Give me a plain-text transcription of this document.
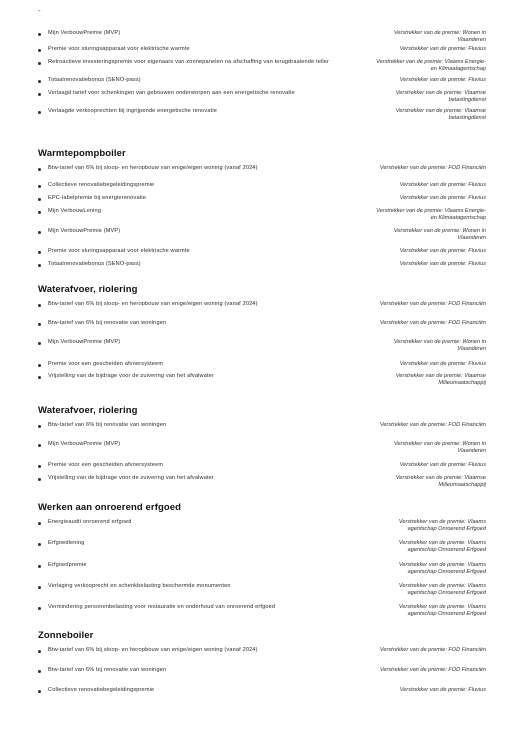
-
Mijn VerbouwPremie (MVP)	Verstrekker van de premie: Wonen in Vlaanderen
Premie voor sturingsapparaat voor elektrische warmte	Verstrekker van de premie: Fluvius
Retroactieve investeringspremie voor eigenaars van zonnepanelen na afschaffing van terugdraaiende teller	Verstrekker van de premie: Vlaams Energie- en Klimaatagentschap
Totaalrenovatiebonus (SENO-pass)	Verstrekker van de premie: Fluvius
Verlaagd tarief voor schenkingen van gebouwen onderworpen aan een energetische renovatie	Verstrekker van de premie: Vlaamse belastingdienst
Verlaagde verkooprechten bij ingrijpende energetische renovatie	Verstrekker van de premie: Vlaamse belastingdienst
Warmtepompboiler
Btw-tarief van 6% bij sloop- en heropbouw van enige/eigen woning (vanaf 2024)	Verstrekker van de premie: FOD Financiën
Collectieve renovatiebegeleidingspremie	Verstrekker van de premie: Fluvius
EPC-labelpremie bij energierenovatie	Verstrekker van de premie: Fluvius
Mijn VerbouwLening	Verstrekker van de premie: Vlaams Energie- en Klimaatagentschap
Mijn VerbouwPremie (MVP)	Verstrekker van de premie: Wonen in Vlaanderen
Premie voor sturingsapparaat voor elektrische warmte	Verstrekker van de premie: Fluvius
Totaalrenovatiebonus (SENO-pass)	Verstrekker van de premie: Fluvius
Waterafvoer, riolering
Btw-tarief van 6% bij sloop- en heropbouw van enige/eigen woning (vanaf 2024)	Verstrekker van de premie: FOD Financiën
Btw-tarief van 6% bij renovatie van woningen	Verstrekker van de premie: FOD Financiën
Mijn VerbouwPremie (MVP)	Verstrekker van de premie: Wonen in Vlaanderen
Premie voor een gescheiden afvoersysteem	Verstrekker van de premie: Fluvius
Vrijstelling van de bijdrage voor de zuivering van het afvalwater	Verstrekker van de premie: Vlaamse Milieumaatschappij
Waterafvoer, riolering
Btw-tarief van 6% bij renovatie van woningen	Verstrekker van de premie: FOD Financiën
Mijn VerbouwPremie (MVP)	Verstrekker van de premie: Wonen in Vlaanderen
Premie voor een gescheiden afvoersysteem	Verstrekker van de premie: Fluvius
Vrijstelling van de bijdrage voor de zuivering van het afvalwater	Verstrekker van de premie: Vlaamse Milieumaatschappij
Werken aan onroerend erfgoed
Energieaudit onroerend erfgoed	Verstrekker van de premie: Vlaams agentschap Onroerend Erfgoed
Erfgoedlening	Verstrekker van de premie: Vlaams agentschap Onroerend Erfgoed
Erfgoedpremie	Verstrekker van de premie: Vlaams agentschap Onroerend Erfgoed
Verlaging verkooprecht en schenkbelasting beschermde monumenten	Verstrekker van de premie: Vlaams agentschap Onroerend Erfgoed
Vermindering personenbelasting voor restauratie en onderhoud van onroerend erfgoed	Verstrekker van de premie: Vlaams agentschap Onroerend Erfgoed
Zonneboiler
Btw-tarief van 6% bij sloop- en heropbouw van enige/eigen woning (vanaf 2024)	Verstrekker van de premie: FOD Financiën
Btw-tarief van 6% bij renovatie van woningen	Verstrekker van de premie: FOD Financiën
Collectieve renovatiebegeleidingspremie	Verstrekker van de premie: Fluvius
